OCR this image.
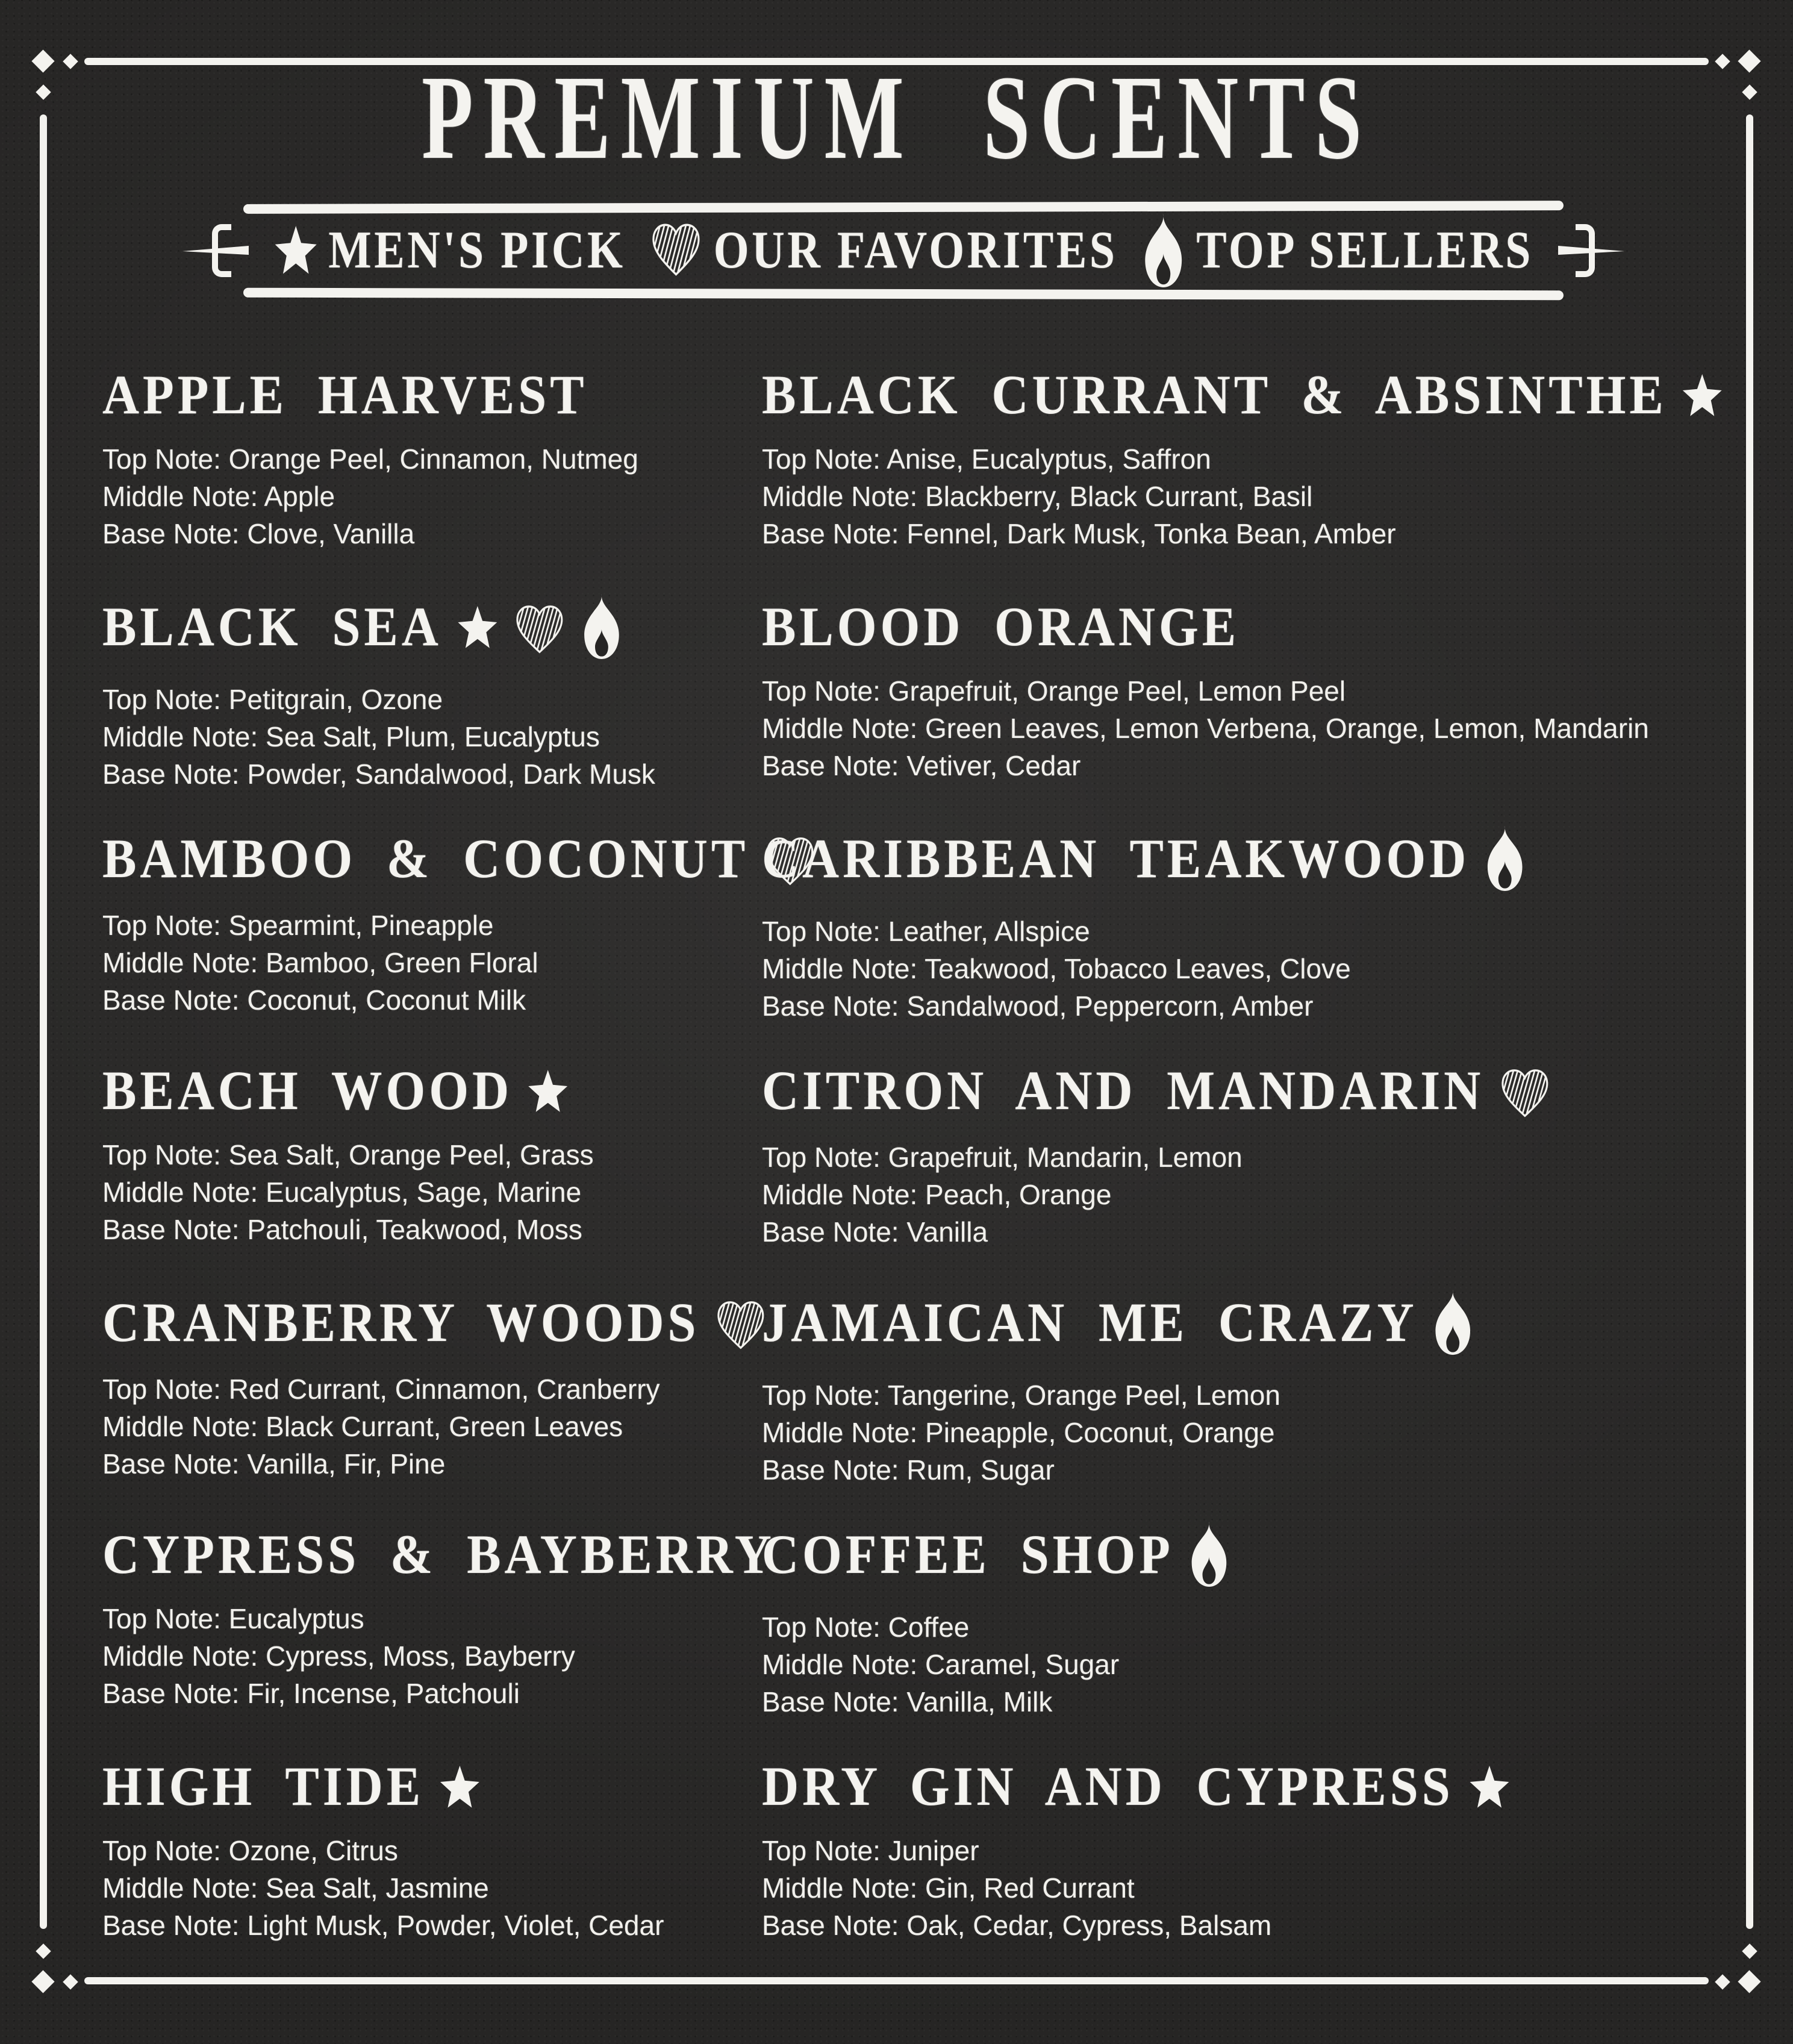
PREMIUM SCENTS
MEN'S PICK OUR FAVORITES TOP SELLERS
APPLE HARVEST

Top Note: Orange Peel, Cinnamon, Nutmeg

Middle Note: Apple

Base Note: Clove, Vanilla

BLACK SEA

Top Note: Petitgrain, Ozone

Middle Note: Sea Salt, Plum, Eucalyptus

Base Note: Powder, Sandalwood, Dark Musk

BAMBOO & COCONUT

Top Note: Spearmint, Pineapple

Middle Note: Bamboo, Green Floral

Base Note: Coconut, Coconut Milk

BEACH WOOD

Top Note: Sea Salt, Orange Peel, Grass

Middle Note: Eucalyptus, Sage, Marine

Base Note: Patchouli, Teakwood, Moss

CRANBERRY WOODS

Top Note: Red Currant, Cinnamon, Cranberry

Middle Note: Black Currant, Green Leaves

Base Note: Vanilla, Fir, Pine

CYPRESS & BAYBERRY

Top Note: Eucalyptus

Middle Note: Cypress, Moss, Bayberry

Base Note: Fir, Incense, Patchouli

HIGH TIDE

Top Note: Ozone, Citrus

Middle Note: Sea Salt, Jasmine

Base Note: Light Musk, Powder, Violet, Cedar

BLACK CURRANT & ABSINTHE

Top Note: Anise, Eucalyptus, Saffron

Middle Note: Blackberry, Black Currant, Basil

Base Note: Fennel, Dark Musk, Tonka Bean, Amber

BLOOD ORANGE

Top Note: Grapefruit, Orange Peel, Lemon Peel

Middle Note: Green Leaves, Lemon Verbena, Orange, Lemon, Mandarin

Base Note: Vetiver, Cedar

CARIBBEAN TEAKWOOD

Top Note: Leather, Allspice

Middle Note: Teakwood, Tobacco Leaves, Clove

Base Note: Sandalwood, Peppercorn, Amber

CITRON AND MANDARIN

Top Note: Grapefruit, Mandarin, Lemon

Middle Note: Peach, Orange

Base Note: Vanilla

JAMAICAN ME CRAZY

Top Note: Tangerine, Orange Peel, Lemon

Middle Note: Pineapple, Coconut, Orange

Base Note: Rum, Sugar

COFFEE SHOP

Top Note: Coffee

Middle Note: Caramel, Sugar

Base Note: Vanilla, Milk

DRY GIN AND CYPRESS

Top Note: Juniper

Middle Note: Gin, Red Currant

Base Note: Oak, Cedar, Cypress, Balsam
